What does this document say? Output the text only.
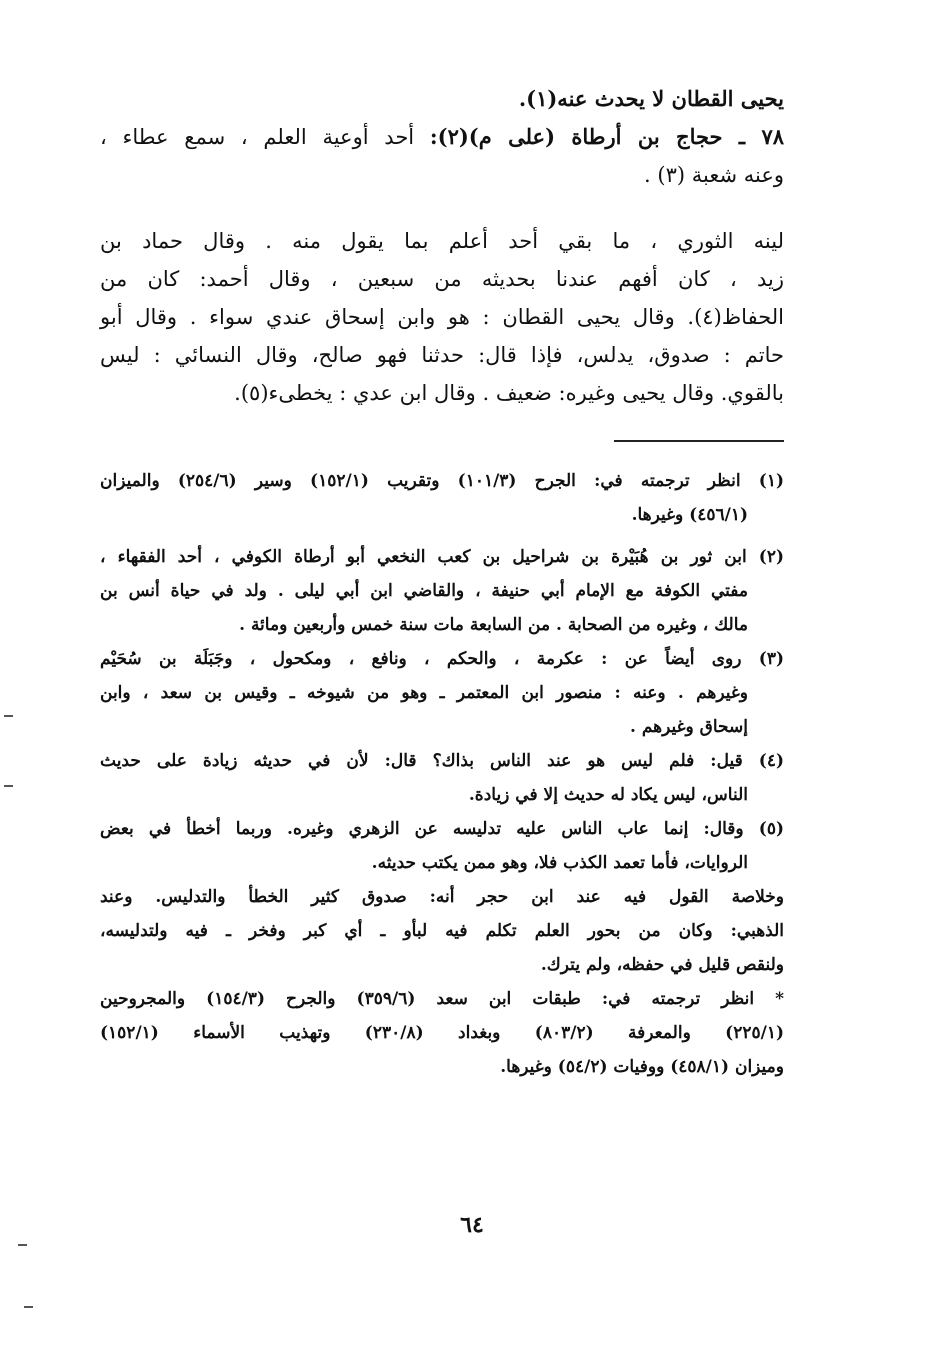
يحيى القطان لا يحدث عنه(١).

٧٨ ـ حجاج بن أرطاة (على م)(٢): أحد أوعية العلم ، سمع عطاء ،

وعنه شعبة (٣) .

لينه الثوري ، ما بقي أحد أعلم بما يقول منه . وقال حماد بن

زيد ، كان أفهم عندنا بحديثه من سبعين ، وقال أحمد: كان من

الحفاظ(٤). وقال يحيى القطان : هو وابن إسحاق عندي سواء . وقال أبو

حاتم : صدوق، يدلس، فإذا قال: حدثنا فهو صالح، وقال النسائي : ليس

بالقوي. وقال يحيى وغيره: ضعيف . وقال ابن عدي : يخطىء(٥).

(١) انظر ترجمته في: الجرح (١٠١/٣) وتقريب (١٥٢/١) وسير (٢٥٤/٦) والميزان

(٤٥٦/١) وغيرها.

(٢) ابن ثور بن هُبَيْرة بن شراحيل بن كعب النخعي أبو أرطاة الكوفي ، أحد الفقهاء ،

مفتي الكوفة مع الإمام أبي حنيفة ، والقاضي ابن أبي ليلى . ولد في حياة أنس بن

مالك ، وغيره من الصحابة . من السابعة مات سنة خمس وأربعين ومائة .

(٣) روى أيضاً عن : عكرمة ، والحكم ، ونافع ، ومكحول ، وجَبَلَة بن سُحَيْم

وغيرهم . وعنه : منصور ابن المعتمر ـ وهو من شيوخه ـ وقيس بن سعد ، وابن

إسحاق وغيرهم .

(٤) قيل: فلم ليس هو عند الناس بذاك؟ قال: لأن في حديثه زيادة على حديث

الناس، ليس يكاد له حديث إلا في زيادة.

(٥) وقال: إنما عاب الناس عليه تدليسه عن الزهري وغيره. وربما أخطأ في بعض

الروايات، فأما تعمد الكذب فلا، وهو ممن يكتب حديثه.

وخلاصة القول فيه عند ابن حجر أنه: صدوق كثير الخطأ والتدليس. وعند

الذهبي: وكان من بحور العلم تكلم فيه لبأو ـ أي كبر وفخر ـ فيه ولتدليسه،

ولنقص قليل في حفظه، ولم يترك.

* انظر ترجمته في: طبقات ابن سعد (٣٥٩/٦) والجرح (١٥٤/٣) والمجروحين

(٢٢٥/١) والمعرفة (٨٠٣/٢) وبغداد (٢٣٠/٨) وتهذيب الأسماء (١٥٢/١)

وميزان (٤٥٨/١) ووفيات (٥٤/٢) وغيرها.

٦٤
